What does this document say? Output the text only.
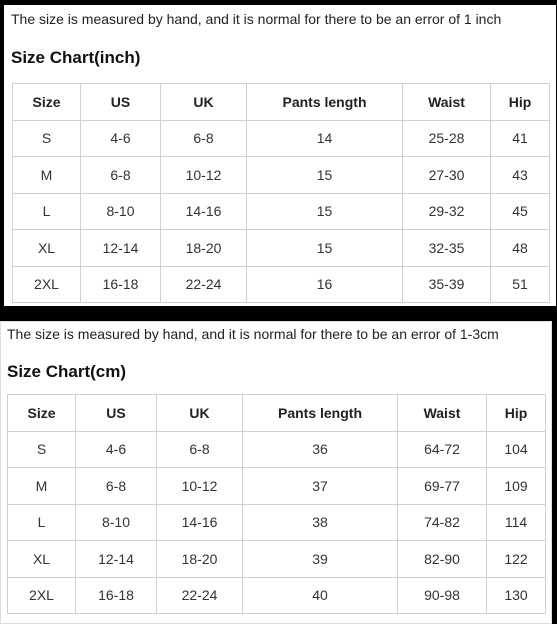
The size is measured by hand, and it is normal for there to be an error of 1 inch
Size Chart(inch)
Size	US	UK	Pants length	Waist	Hip
S	4-6	6-8	14	25-28	41
M	6-8	10-12	15	27-30	43
L	8-10	14-16	15	29-32	45
XL	12-14	18-20	15	32-35	48
2XL	16-18	22-24	16	35-39	51
The size is measured by hand, and it is normal for there to be an error of 1-3cm
Size Chart(cm)
Size	US	UK	Pants length	Waist	Hip
S	4-6	6-8	36	64-72	104
M	6-8	10-12	37	69-77	109
L	8-10	14-16	38	74-82	114
XL	12-14	18-20	39	82-90	122
2XL	16-18	22-24	40	90-98	130
